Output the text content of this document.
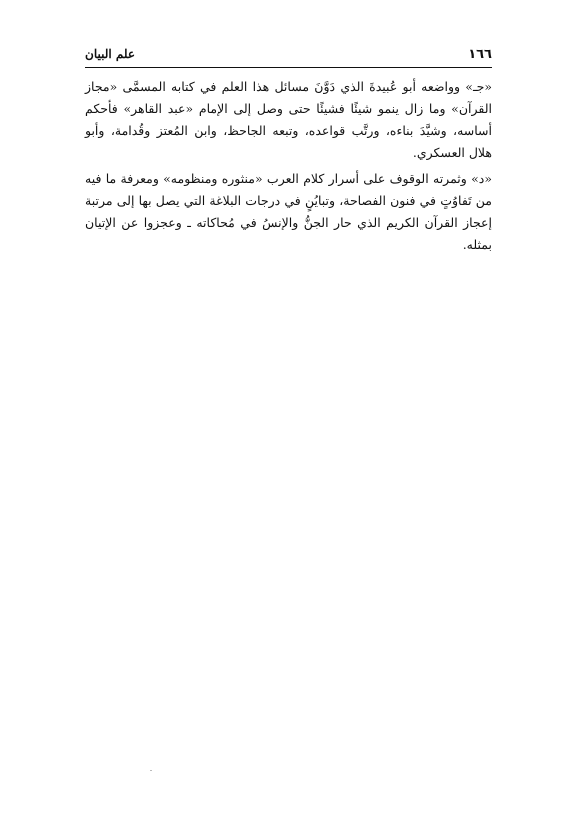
١٦٦
علم البيان

«جـ» وواضعه أبو عُبيدةَ الذي دَوَّنَ مسائل هذا العلم في كتابه المسمَّى «مجاز القرآن» وما زال ينمو شيئًا فشيئًا حتى وصل إلى الإمام «عبد القاهر» فأحكم أساسه، وشيَّدَ بناءه، ورتَّب قواعده، وتبعه الجاحظ، وابن المُعتز وقُدامة، وأبو هلال العسكري.

«د» وثمرته الوقوف على أسرار كلام العرب «منثوره ومنظومه» ومعرفة ما فيه من تَفاوُتٍ في فنون الفصاحة، وتبايُنٍ في درجات البلاغة التي يصل بها إلى مرتبة إعجاز القرآن الكريم الذي حار الجنُّ والإنسُ في مُحاكاته ـ وعجزوا عن الإتيان بمثله.
